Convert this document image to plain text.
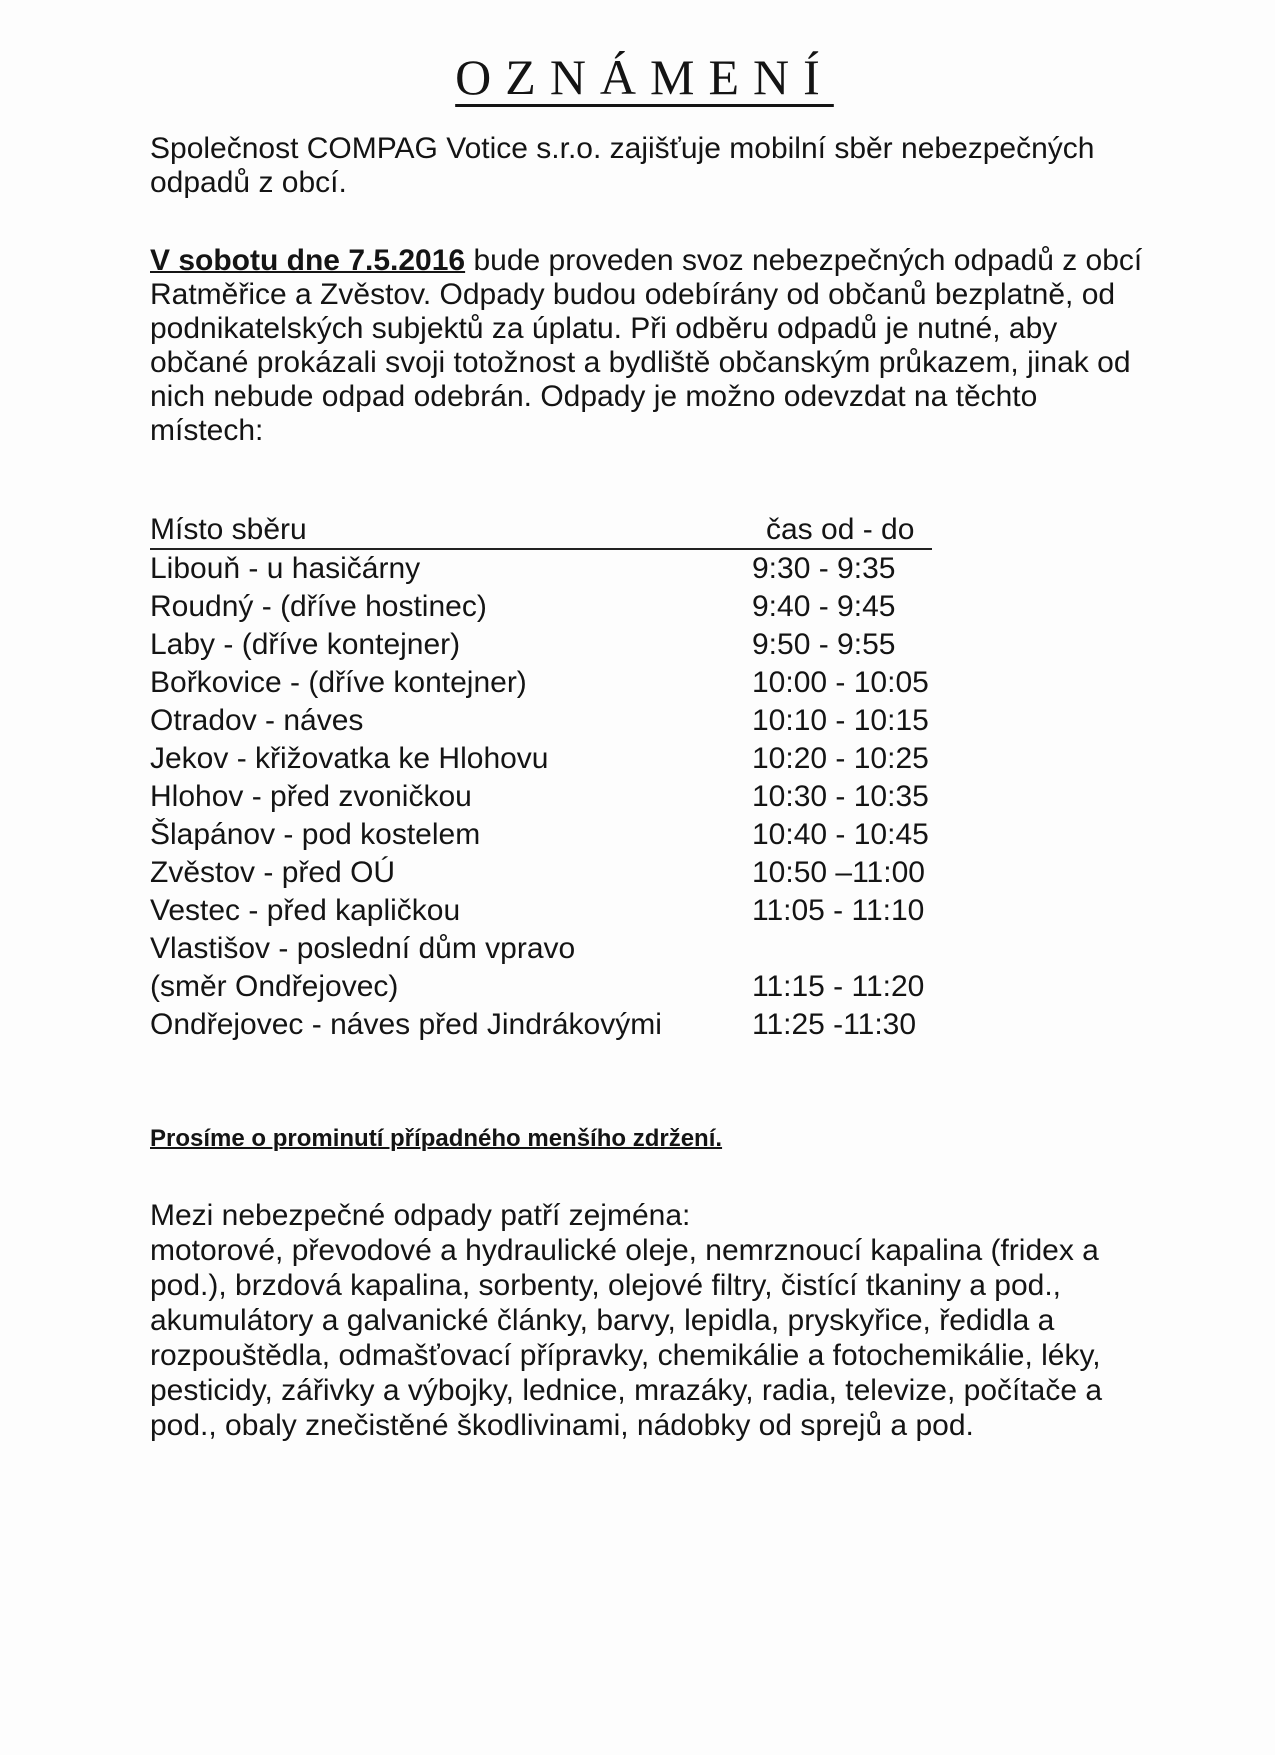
OZNÁMENÍ

Společnost COMPAG Votice s.r.o. zajišťuje mobilní sběr nebezpečných odpadů z obcí.

V sobotu dne 7.5.2016 bude proveden svoz nebezpečných odpadů z obcí Ratměřice a Zvěstov. Odpady budou odebírány od občanů bezplatně, od podnikatelských subjektů za úplatu. Při odběru odpadů je nutné, aby občané prokázali svoji totožnost a bydliště občanským průkazem, jinak od nich nebude odpad odebrán. Odpady je možno odevzdat na těchto místech:

Místo sběru	čas od - do
Libouň - u hasičárny	9:30 - 9:35
Roudný - (dříve hostinec)	9:40 - 9:45
Laby - (dříve kontejner)	9:50 - 9:55
Bořkovice - (dříve kontejner)	10:00 - 10:05
Otradov - náves	10:10 - 10:15
Jekov - křižovatka ke Hlohovu	10:20 - 10:25
Hlohov - před zvoničkou	10:30 - 10:35
Šlapánov - pod kostelem	10:40 - 10:45
Zvěstov - před OÚ	10:50 –11:00
Vestec - před kapličkou	11:05 - 11:10
Vlastišov - poslední dům vpravo
(směr Ondřejovec)	11:15 - 11:20
Ondřejovec - náves před Jindrákovými	11:25 -11:30
Prosíme o prominutí případného menšího zdržení.
Mezi nebezpečné odpady patří zejména:
motorové, převodové a hydraulické oleje, nemrznoucí kapalina (fridex a pod.), brzdová kapalina, sorbenty, olejové filtry, čistící tkaniny a pod., akumulátory a galvanické články, barvy, lepidla, pryskyřice, ředidla a rozpouštědla, odmašťovací přípravky, chemikálie a fotochemikálie, léky, pesticidy, zářivky a výbojky, lednice, mrazáky, radia, televize, počítače a pod., obaly znečistěné škodlivinami, nádobky od sprejů a pod.
